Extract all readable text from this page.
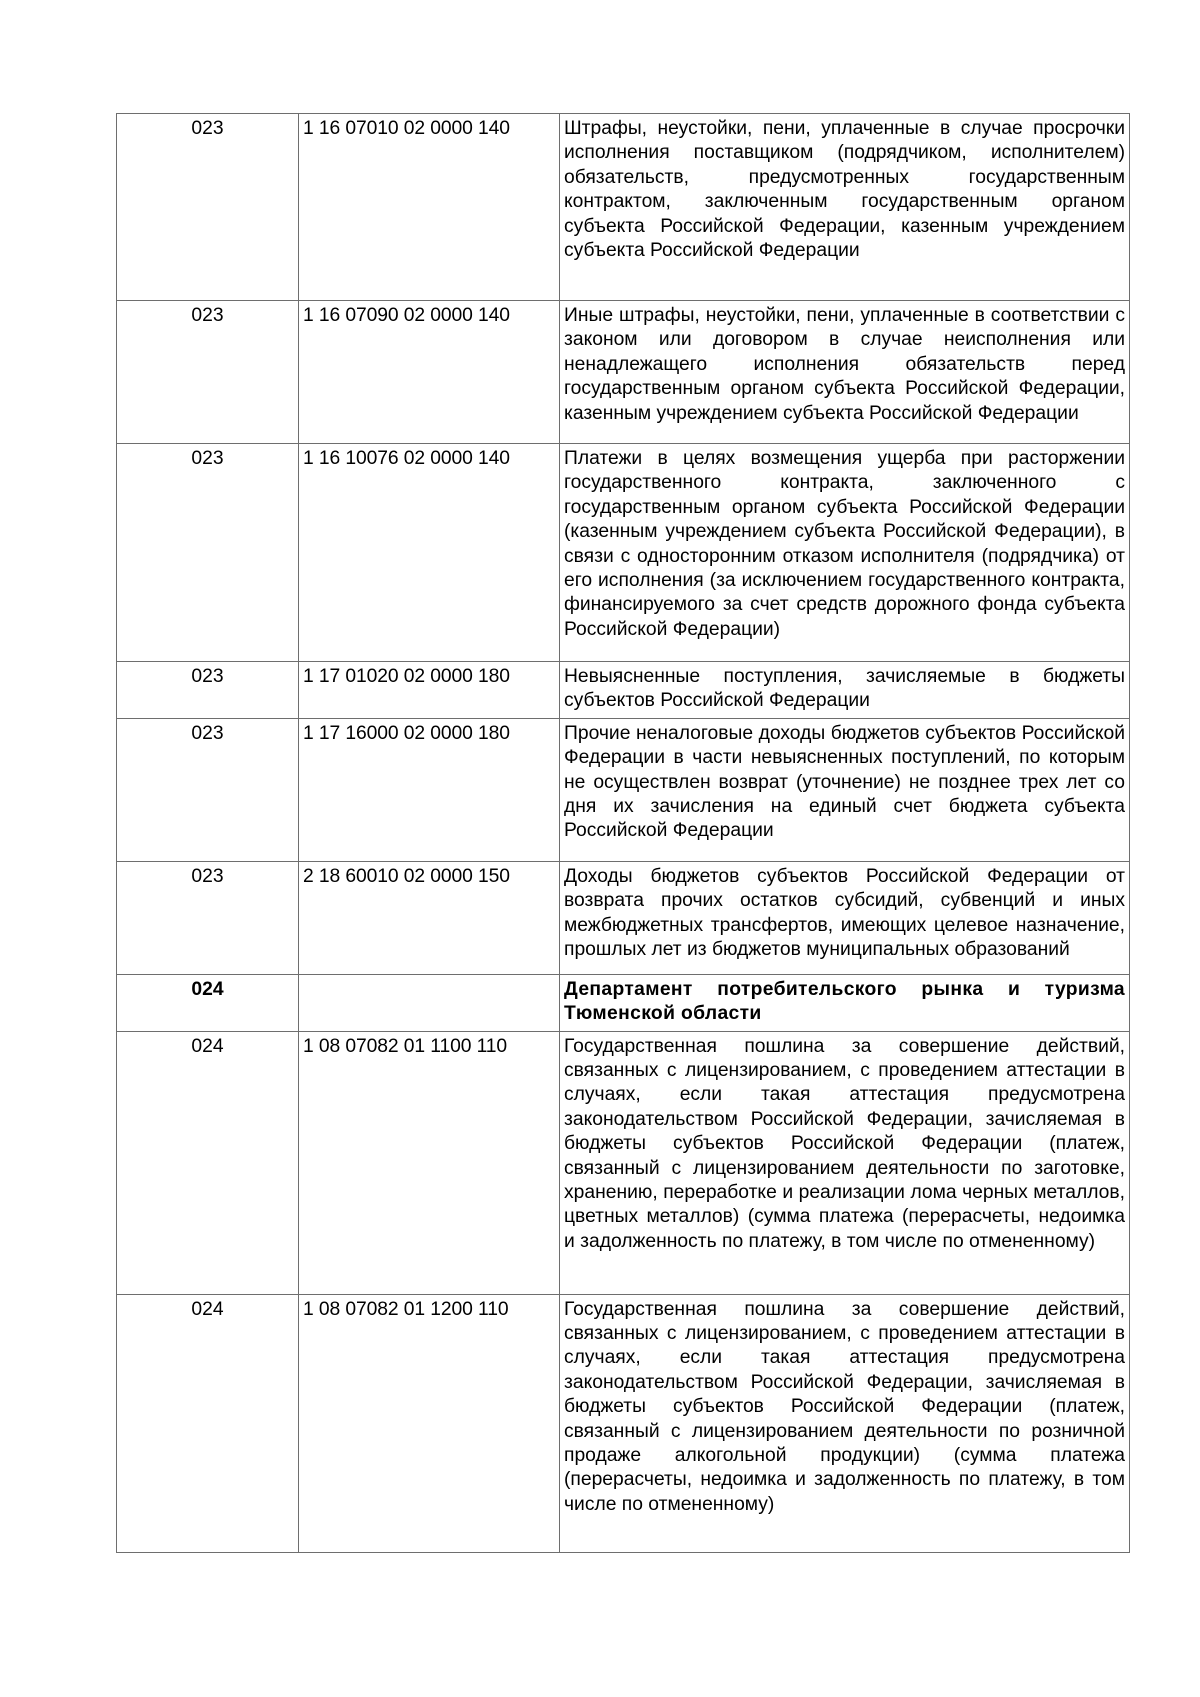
023	1 16 07010 02 0000 140	Штрафы, неустойки, пени, уплаченные в случае просрочки исполнения поставщиком (подрядчиком, исполнителем) обязательств, предусмотренных государственным контрактом, заключенным государственным органом субъекта Российской Федерации, казенным учреждением субъекта Российской Федерации
023	1 16 07090 02 0000 140	Иные штрафы, неустойки, пени, уплаченные в соответствии с законом или договором в случае неисполнения или ненадлежащего исполнения обязательств перед государственным органом субъекта Российской Федерации, казенным учреждением субъекта Российской Федерации
023	1 16 10076 02 0000 140	Платежи в целях возмещения ущерба при расторжении государственного контракта, заключенного с государственным органом субъекта Российской Федерации (казенным учреждением субъекта Российской Федерации), в связи с односторонним отказом исполнителя (подрядчика) от его исполнения (за исключением государственного контракта, финансируемого за счет средств дорожного фонда субъекта Российской Федерации)
023	1 17 01020 02 0000 180	Невыясненные поступления, зачисляемые в бюджеты субъектов Российской Федерации
023	1 17 16000 02 0000 180	Прочие неналоговые доходы бюджетов субъектов Российской Федерации в части невыясненных поступлений, по которым не осуществлен возврат (уточнение) не позднее трех лет со дня их зачисления на единый счет бюджета субъекта Российской Федерации
023	2 18 60010 02 0000 150	Доходы бюджетов субъектов Российской Федерации от возврата прочих остатков субсидий, субвенций и иных межбюджетных трансфертов, имеющих целевое назначение, прошлых лет из бюджетов муниципальных образований
024		Департамент потребительского рынка и туризма Тюменской области
024	1 08 07082 01 1100 110	Государственная пошлина за совершение действий, связанных с лицензированием, с проведением аттестации в случаях, если такая аттестация предусмотрена законодательством Российской Федерации, зачисляемая в бюджеты субъектов Российской Федерации (платеж, связанный с лицензированием деятельности по заготовке, хранению, переработке и реализации лома черных металлов, цветных металлов) (сумма платежа (перерасчеты, недоимка и задолженность по платежу, в том числе по отмененному)
024	1 08 07082 01 1200 110	Государственная пошлина за совершение действий, связанных с лицензированием, с проведением аттестации в случаях, если такая аттестация предусмотрена законодательством Российской Федерации, зачисляемая в бюджеты субъектов Российской Федерации (платеж, связанный с лицензированием деятельности по розничной продаже алкогольной продукции) (сумма платежа (перерасчеты, недоимка и задолженность по платежу, в том числе по отмененному)
